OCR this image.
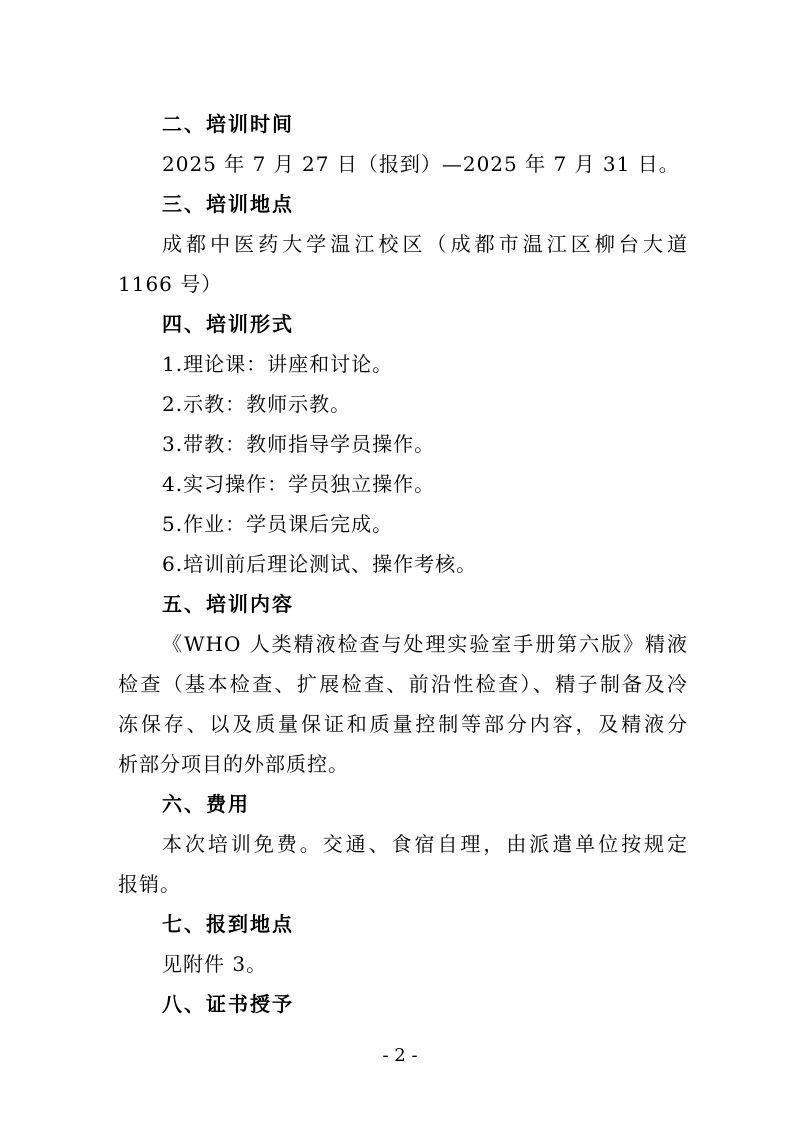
二、培训时间
2025 年 7 月 27 日（报到）—2025 年 7 月 31 日。
三、培训地点
成都中医药大学温江校区（成都市温江区柳台大道
1166 号）
四、培训形式
1.理论课：讲座和讨论。
2.示教：教师示教。
3.带教：教师指导学员操作。
4.实习操作：学员独立操作。
5.作业：学员课后完成。
6.培训前后理论测试、操作考核。
五、培训内容
《WHO 人类精液检查与处理实验室手册第六版》精液
检查（基本检查、扩展检查、前沿性检查）、精子制备及冷
冻保存、以及质量保证和质量控制等部分内容，及精液分
析部分项目的外部质控。
六、费用
本次培训免费。交通、食宿自理，由派遣单位按规定
报销。
七、报到地点
见附件 3。
八、证书授予
- 2 -
